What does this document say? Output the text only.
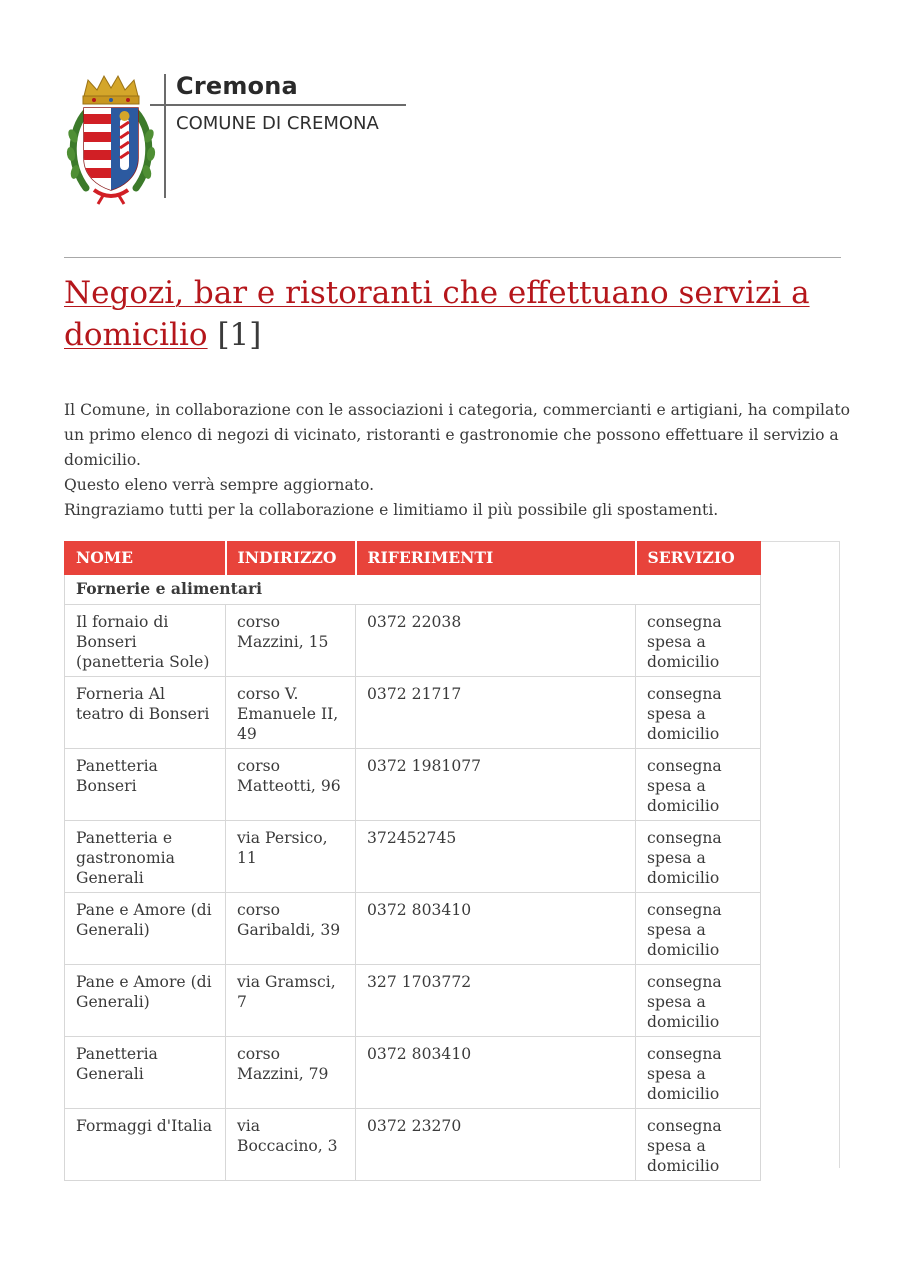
Cremona
COMUNE DI CREMONA
Negozi, bar e ristoranti che effettuano servizi a domicilio [1]

Il Comune, in collaborazione con le associazioni i categoria, commercianti e artigiani, ha compilato un primo elenco di negozi di vicinato, ristoranti e gastronomie che possono effettuare il servizio a domicilio.

Questo eleno verrà sempre aggiornato.

Ringraziamo tutti per la collaborazione e limitiamo il più possibile gli spostamenti.

NOME	INDIRIZZO	RIFERIMENTI	SERVIZIO
Fornerie e alimentari			
Il fornaio di Bonseri (panetteria Sole)	corso Mazzini, 15	0372 22038	consegna spesa a domicilio
Forneria Al teatro di Bonseri	corso V. Emanuele II, 49	0372 21717	consegna spesa a domicilio
Panetteria Bonseri	corso Matteotti, 96	0372 1981077	consegna spesa a domicilio
Panetteria e gastronomia Generali	via Persico, 11	372452745	consegna spesa a domicilio
Pane e Amore (di Generali)	corso Garibaldi, 39	0372 803410	consegna spesa a domicilio
Pane e Amore (di Generali)	via Gramsci, 7	327 1703772	consegna spesa a domicilio
Panetteria Generali	corso Mazzini, 79	0372 803410	consegna spesa a domicilio
Formaggi d'Italia	via Boccacino, 3	0372 23270	consegna spesa a domicilio
